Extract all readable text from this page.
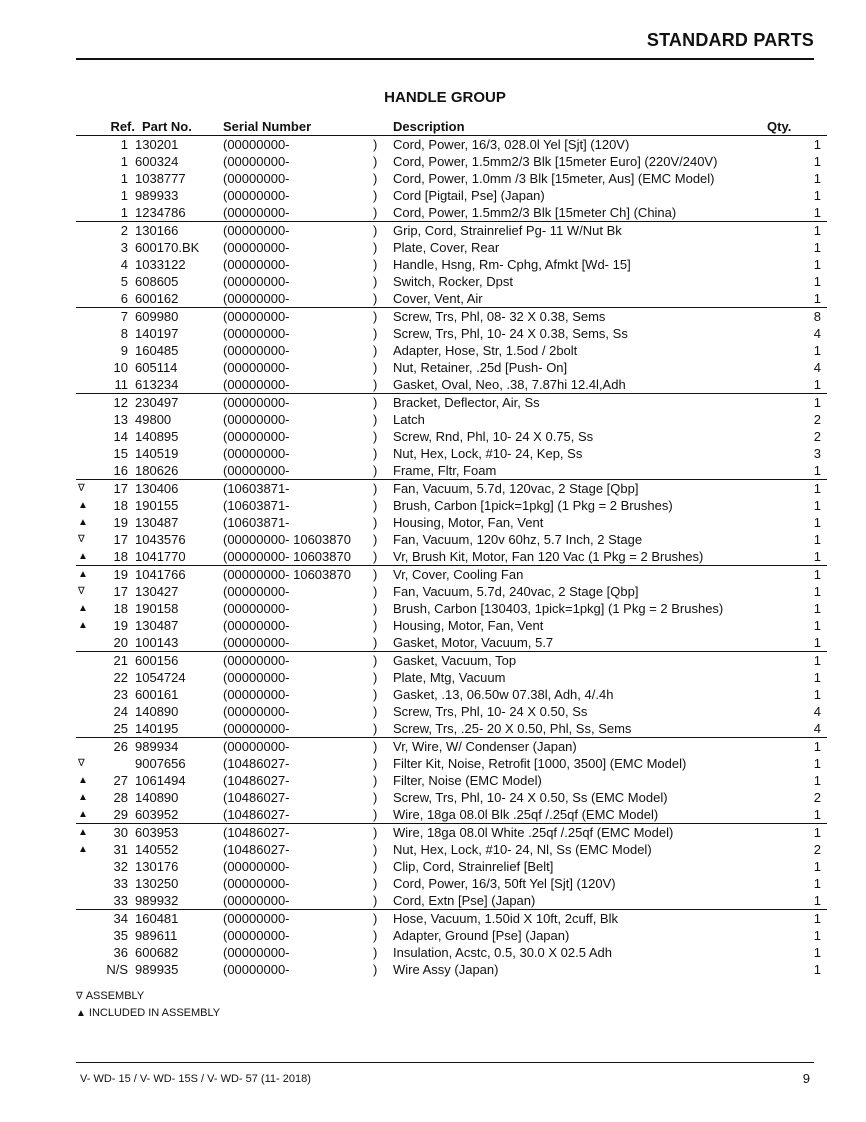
STANDARD PARTS
HANDLE GROUP
	Ref.	Part No.	Serial Number		Description	Qty.
	1	130201	(00000000-	)	Cord, Power, 16/3, 028.0l Yel [Sjt] (120V)	1
	1	600324	(00000000-	)	Cord, Power, 1.5mm2/3 Blk [15meter Euro] (220V/240V)	1
	1	1038777	(00000000-	)	Cord, Power, 1.0mm /3 Blk [15meter, Aus] (EMC Model)	1
	1	989933	(00000000-	)	Cord [Pigtail, Pse] (Japan)	1
	1	1234786	(00000000-	)	Cord, Power, 1.5mm2/3 Blk [15meter Ch] (China)	1
	2	130166	(00000000-	)	Grip, Cord, Strainrelief Pg- 11 W/Nut Bk	1
	3	600170.BK	(00000000-	)	Plate, Cover, Rear	1
	4	1033122	(00000000-	)	Handle, Hsng, Rm- Cphg, Afmkt [Wd- 15]	1
	5	608605	(00000000-	)	Switch, Rocker, Dpst	1
	6	600162	(00000000-	)	Cover, Vent, Air	1
	7	609980	(00000000-	)	Screw, Trs, Phl, 08- 32 X 0.38, Sems	8
	8	140197	(00000000-	)	Screw, Trs, Phl, 10- 24 X 0.38, Sems, Ss	4
	9	160485	(00000000-	)	Adapter, Hose, Str, 1.5od / 2bolt	1
	10	605114	(00000000-	)	Nut, Retainer, .25d [Push- On]	4
	11	613234	(00000000-	)	Gasket, Oval, Neo, .38, 7.87hi 12.4l,Adh	1
	12	230497	(00000000-	)	Bracket, Deflector, Air, Ss	1
	13	49800	(00000000-	)	Latch	2
	14	140895	(00000000-	)	Screw, Rnd, Phl, 10- 24 X 0.75, Ss	2
	15	140519	(00000000-	)	Nut, Hex, Lock, #10- 24, Kep, Ss	3
	16	180626	(00000000-	)	Frame, Fltr, Foam	1
∇	17	130406	(10603871-	)	Fan, Vacuum, 5.7d, 120vac, 2 Stage [Qbp]	1
▲	18	190155	(10603871-	)	Brush, Carbon [1pick=1pkg] (1 Pkg = 2 Brushes)	1
▲	19	130487	(10603871-	)	Housing, Motor, Fan, Vent	1
∇	17	1043576	(00000000- 10603870	)	Fan, Vacuum, 120v 60hz, 5.7 Inch, 2 Stage	1
▲	18	1041770	(00000000- 10603870	)	Vr, Brush Kit, Motor, Fan 120 Vac (1 Pkg = 2 Brushes)	1
▲	19	1041766	(00000000- 10603870	)	Vr, Cover, Cooling Fan	1
∇	17	130427	(00000000-	)	Fan, Vacuum, 5.7d, 240vac, 2 Stage [Qbp]	1
▲	18	190158	(00000000-	)	Brush, Carbon [130403, 1pick=1pkg] (1 Pkg = 2 Brushes)	1
▲	19	130487	(00000000-	)	Housing, Motor, Fan, Vent	1
	20	100143	(00000000-	)	Gasket, Motor, Vacuum, 5.7	1
	21	600156	(00000000-	)	Gasket, Vacuum, Top	1
	22	1054724	(00000000-	)	Plate, Mtg, Vacuum	1
	23	600161	(00000000-	)	Gasket, .13, 06.50w 07.38l, Adh, 4/.4h	1
	24	140890	(00000000-	)	Screw, Trs, Phl, 10- 24 X 0.50, Ss	4
	25	140195	(00000000-	)	Screw, Trs, .25- 20 X 0.50, Phl, Ss, Sems	4
	26	989934	(00000000-	)	Vr, Wire, W/ Condenser (Japan)	1
∇		9007656	(10486027-	)	Filter Kit, Noise, Retrofit [1000, 3500] (EMC Model)	1
▲	27	1061494	(10486027-	)	Filter, Noise (EMC Model)	1
▲	28	140890	(10486027-	)	Screw, Trs, Phl, 10- 24 X 0.50, Ss (EMC Model)	2
▲	29	603952	(10486027-	)	Wire, 18ga 08.0l Blk .25qf /.25qf (EMC Model)	1
▲	30	603953	(10486027-	)	Wire, 18ga 08.0l White .25qf /.25qf (EMC Model)	1
▲	31	140552	(10486027-	)	Nut, Hex, Lock, #10- 24, Nl, Ss (EMC Model)	2
	32	130176	(00000000-	)	Clip, Cord, Strainrelief [Belt]	1
	33	130250	(00000000-	)	Cord, Power, 16/3, 50ft Yel [Sjt] (120V)	1
	33	989932	(00000000-	)	Cord, Extn [Pse] (Japan)	1
	34	160481	(00000000-	)	Hose, Vacuum, 1.50id X 10ft, 2cuff, Blk	1
	35	989611	(00000000-	)	Adapter, Ground [Pse] (Japan)	1
	36	600682	(00000000-	)	Insulation, Acstc, 0.5, 30.0 X 02.5 Adh	1
	N/S	989935	(00000000-	)	Wire Assy (Japan)	1
∇ ASSEMBLY
▲ INCLUDED IN ASSEMBLY
V- WD- 15 / V- WD- 15S / V- WD- 57 (11- 2018)	9
